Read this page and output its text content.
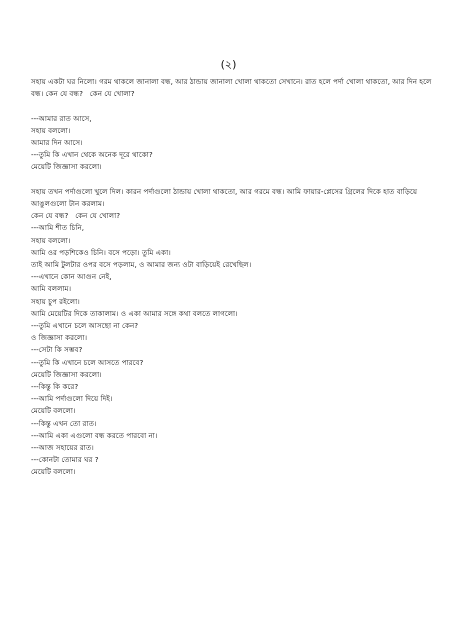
(২)
সহায় একটা ঘর নিলো। গরম থাকলে জানালা বন্ধ, আর ঠান্ডায় জানালা খোলা থাকতো সেখানে। রাত হলে পর্দা খোলা থাকতো, আর দিন হলে বন্ধ। কেন যে বন্ধ?   কেন যে খোলা?
---আমার রাত আসে,
সহায় বললো।
আমার দিন আসে।
---তুমি কি এখান থেকে অনেক দূরে থাকো?
মেয়েটি জিজ্ঞাসা করলো।
সহায় তখন পর্দাগুলো খুলে দিল। কারন পর্দাগুলো ঠান্ডায় খোলা থাকতো, আর গরমে বন্ধ। আমি ফায়ার-প্লেসের গ্রিলের দিকে হাত বাড়িয়ে আঙুলগুলো টান করলাম।
কেন যে বন্ধ?   কেন যে খোলা?
---আমি শীত চিনি,
সহায় বললো।
আমি ওর পড়শিকেও চিনি। বসে পড়ো। তুমি একা।
তাই আমি টুলটার ওপর বসে পড়লাম, ও আমার জন্য ওটা বাড়িয়েই রেখেছিল।
---এখানে কোন আগুন নেই,
আমি বললাম।
সহায় চুপ রইলো।
আমি মেয়েটির দিকে তাকালাম। ও একা আমার সঙ্গে কথা বলতে লাগলো।
---তুমি এখানে চলে আসছো না কেন?
ও জিজ্ঞাসা করলো।
---সেটা কি সম্ভব?
---তুমি কি এখানে চলে আসতে পারবে?
মেয়েটি জিজ্ঞাসা করলো।
---কিন্তু কি করে?
---আমি পর্দাগুলো দিয়ে দিই।
মেয়েটি বললো।
---কিন্তু এখন তো রাত।
---আমি একা এগুলো বন্ধ করতে পারবো না।
---আজ সহায়ের রাত।
---কোনটা তোমার ঘর ?
মেয়েটি বললো।
